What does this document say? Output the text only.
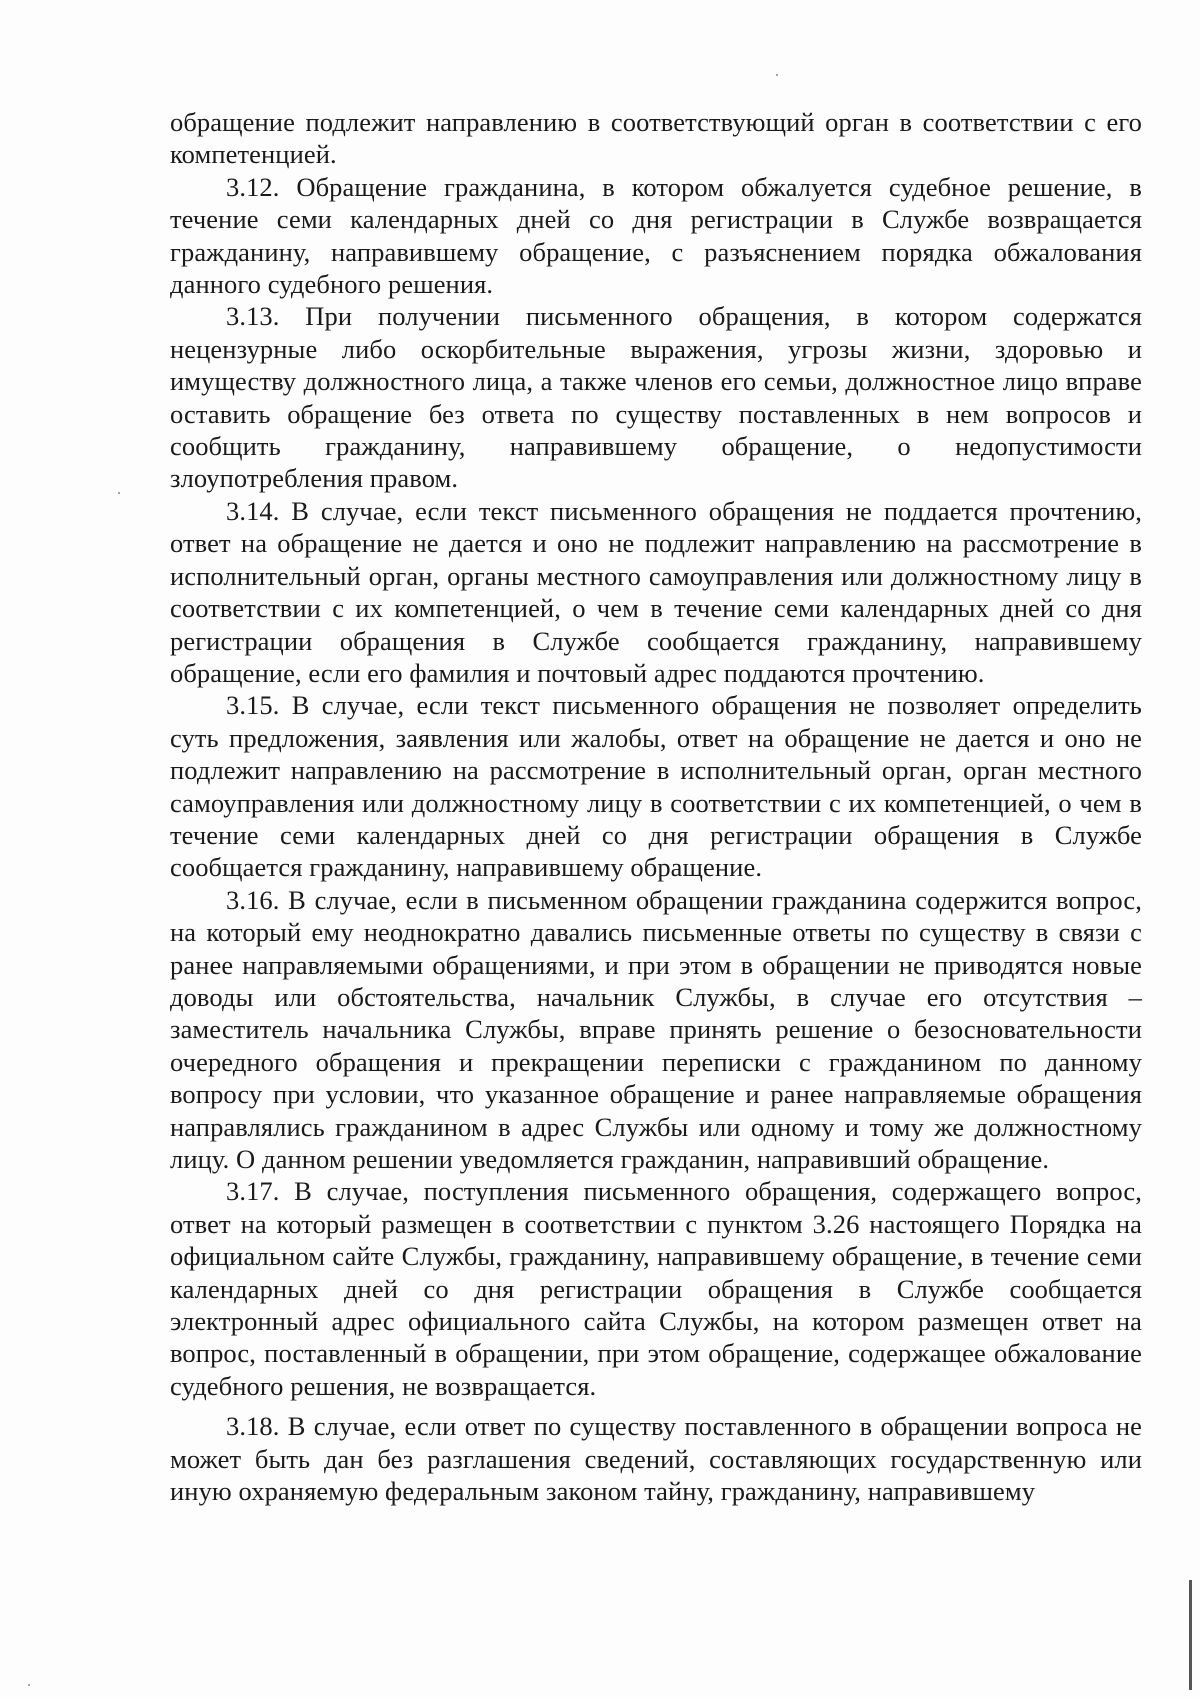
обращение подлежит направлению в соответствующий орган в соответствии с его компетенцией.

3.12. Обращение гражданина, в котором обжалуется судебное решение, в течение семи календарных дней со дня регистрации в Службе возвращается гражданину, направившему обращение, с разъяснением порядка обжалования данного судебного решения.

3.13. При получении письменного обращения, в котором содержатся нецензурные либо оскорбительные выражения, угрозы жизни, здоровью и имуществу должностного лица, а также членов его семьи, должностное лицо вправе оставить обращение без ответа по существу поставленных в нем вопросов и сообщить гражданину, направившему обращение, о недопустимости злоупотребления правом.

3.14. В случае, если текст письменного обращения не поддается прочтению, ответ на обращение не дается и оно не подлежит направлению на рассмотрение в исполнительный орган, органы местного самоуправления или должностному лицу в соответствии с их компетенцией, о чем в течение семи календарных дней со дня регистрации обращения в Службе сообщается гражданину, направившему обращение, если его фамилия и почтовый адрес поддаются прочтению.

3.15. В случае, если текст письменного обращения не позволяет определить суть предложения, заявления или жалобы, ответ на обращение не дается и оно не подлежит направлению на рассмотрение в исполнительный орган, орган местного самоуправления или должностному лицу в соответствии с их компетенцией, о чем в течение семи календарных дней со дня регистрации обращения в Службе сообщается гражданину, направившему обращение.

3.16. В случае, если в письменном обращении гражданина содержится вопрос, на который ему неоднократно давались письменные ответы по существу в связи с ранее направляемыми обращениями, и при этом в обращении не приводятся новые доводы или обстоятельства, начальник Службы, в случае его отсутствия – заместитель начальника Службы, вправе принять решение о безосновательности очередного обращения и прекращении переписки с гражданином по данному вопросу при условии, что указанное обращение и ранее направляемые обращения направлялись гражданином в адрес Службы или одному и тому же должностному лицу. О данном решении уведомляется гражданин, направивший обращение.

3.17. В случае, поступления письменного обращения, содержащего вопрос, ответ на который размещен в соответствии с пунктом 3.26 настоящего Порядка на официальном сайте Службы, гражданину, направившему обращение, в течение семи календарных дней со дня регистрации обращения в Службе сообщается электронный адрес официального сайта Службы, на котором размещен ответ на вопрос, поставленный в обращении, при этом обращение, содержащее обжалование судебного решения, не возвращается.

3.18. В случае, если ответ по существу поставленного в обращении вопроса не может быть дан без разглашения сведений, составляющих государственную или иную охраняемую федеральным законом тайну, гражданину, направившему
